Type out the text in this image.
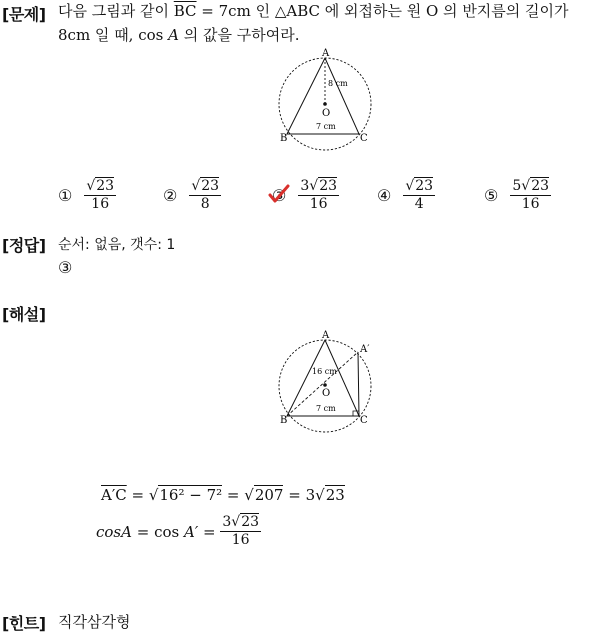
[문제]
[정답]
[해설]
[힌트]
다음 그림과 같이 $\overline{BC} = 7cm$ 인 △ABC 에 외접하는 원 O 의 반지름의 길이가
8cm 일 때, cos A 의 값을 구하여라.
A
B	C
O
8 cm
7 cm
① $\frac{√23}{16}$	② $\frac{√23}{8}$	③ $\frac{3√23}{16}$ ④ $\frac{√23}{4}$	⑤ $\frac{5√23}{16}$
순서: 없음, 갯수: 1
③
A
A′
B	C
O
16 cm
7 cm
A′C = √16² − 7² = √207 = 3√23
$\cos A = \cos A' = \frac{3√23}{16}$
직각삼각형
